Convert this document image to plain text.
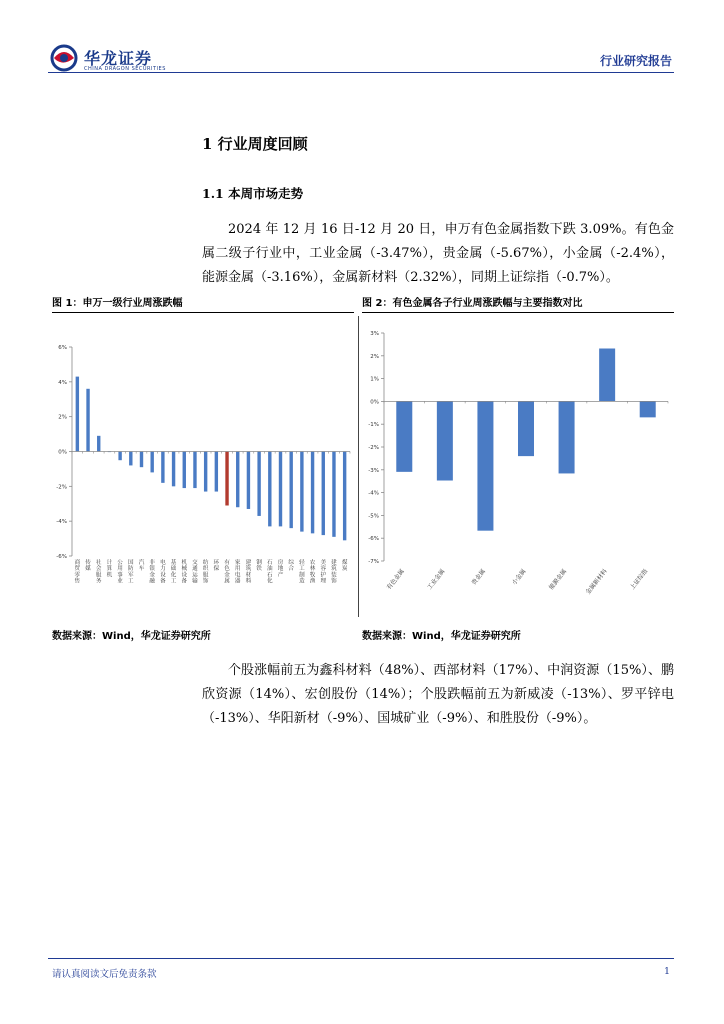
华龙证券
CHINA DRAGON SECURITIES
行业研究报告
1 行业周度回顾
1.1 本周市场走势
2024 年 12 月 16 日-12 月 20 日，申万有色金属指数下跌 3.09%。有色金属二级子行业中，工业金属（-3.47%），贵金属（-5.67%），小金属（-2.4%），能源金属（-3.16%），金属新材料（2.32%），同期上证综指（-0.7%）。
图 1：申万一级行业周涨跌幅	图 2：有色金属各子行业周涨跌幅与主要指数对比
6%
4%
2%
0%
-2%
-4%
-6%
商贸零售
传媒
社会服务
计算机
公用事业
国防军工
汽车
非银金融
电力设备
基础化工
机械设备
交通运输
纺织服饰
环保
有色金属
家用电器
建筑材料
钢铁
石油石化
房地产
综合
轻工制造
农林牧渔
美容护理
建筑装饰
煤炭
3%
2%
1%
0%
-1%
-2%
-3%
-4%
-5%
-6%
-7%
有色金属	工业金属	贵金属	小金属	能源金属	金属新材料	上证综指
数据来源：Wind，华龙证券研究所	数据来源：Wind，华龙证券研究所
个股涨幅前五为鑫科材料（48%）、西部材料（17%）、中润资源（15%）、鹏欣资源（14%）、宏创股份（14%）；个股跌幅前五为新威凌（-13%）、罗平锌电（-13%）、华阳新材（-9%）、国城矿业（-9%）、和胜股份（-9%）。
请认真阅读文后免责条款	1
